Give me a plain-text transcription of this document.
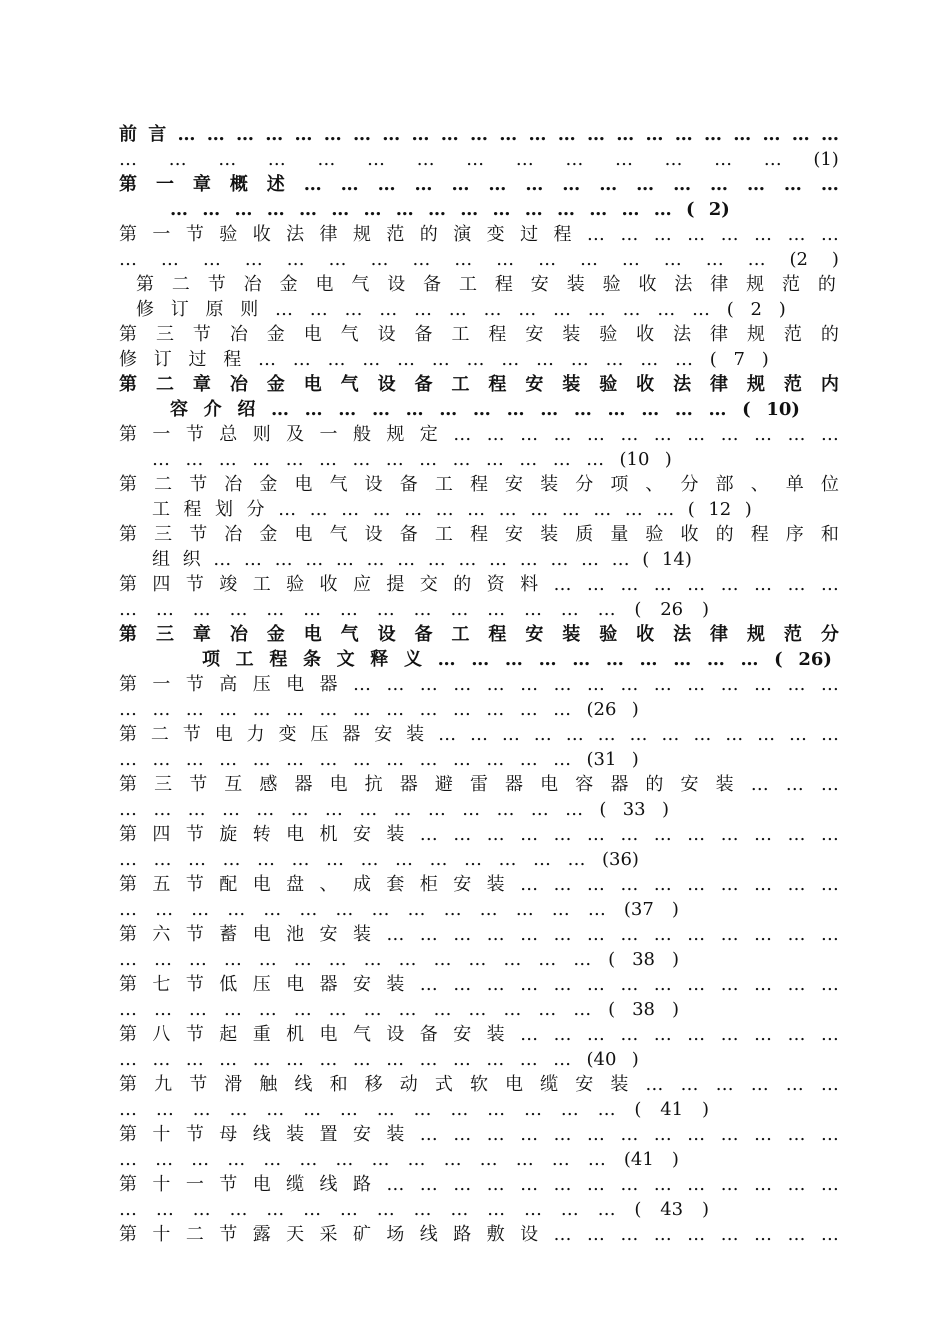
前 言 … … … … … … … … … … … … … … … … … … … … … … …
… … … … … … … … … … … … … … (1)
第 一 章 概 述 … … … … … … … … … … … … … … …
… … … … … … … … … … … … … … … … ( 2)
第 一 节 验 收 法 律 规 范 的 演 变 过 程 … … … … … … … …
… … … … … … … … … … … … … … … … (2 )
第 二 节 冶 金 电 气 设 备 工 程 安 装 验 收 法 律 规 范 的
修 订 原 则 … … … … … … … … … … … … … ( 2 )
第 三 节 冶 金 电 气 设 备 工 程 安 装 验 收 法 律 规 范 的
修 订 过 程 … … … … … … … … … … … … … ( 7 )
第 二 章 冶 金 电 气 设 备 工 程 安 装 验 收 法 律 规 范 内
容 介 绍 … … … … … … … … … … … … … … ( 10)
第 一 节 总 则 及 一 般 规 定 … … … … … … … … … … … …
… … … … … … … … … … … … … … (10 )
第 二 节 冶 金 电 气 设 备 工 程 安 装 分 项 、 分 部 、 单 位
工 程 划 分 … … … … … … … … … … … … … ( 12 )
第 三 节 冶 金 电 气 设 备 工 程 安 装 质 量 验 收 的 程 序 和
组 织 … … … … … … … … … … … … … … ( 14)
第 四 节 竣 工 验 收 应 提 交 的 资 料 … … … … … … … … …
… … … … … … … … … … … … … … ( 26 )
第 三 章 冶 金 电 气 设 备 工 程 安 装 验 收 法 律 规 范 分
项 工 程 条 文 释 义 … … … … … … … … … … ( 26)
第 一 节 高 压 电 器 … … … … … … … … … … … … … … …
… … … … … … … … … … … … … … (26 )
第 二 节 电 力 变 压 器 安 装 … … … … … … … … … … … … …
… … … … … … … … … … … … … … (31 )
第 三 节 互 感 器 电 抗 器 避 雷 器 电 容 器 的 安 装 … … …
… … … … … … … … … … … … … … ( 33 )
第 四 节 旋 转 电 机 安 装 … … … … … … … … … … … … …
… … … … … … … … … … … … … … (36)
第 五 节 配 电 盘 、 成 套 柜 安 装 … … … … … … … … … …
… … … … … … … … … … … … … … (37 )
第 六 节 蓄 电 池 安 装 … … … … … … … … … … … … … …
… … … … … … … … … … … … … … ( 38 )
第 七 节 低 压 电 器 安 装 … … … … … … … … … … … … …
… … … … … … … … … … … … … … ( 38 )
第 八 节 起 重 机 电 气 设 备 安 装 … … … … … … … … … …
… … … … … … … … … … … … … … (40 )
第 九 节 滑 触 线 和 移 动 式 软 电 缆 安 装 … … … … … …
… … … … … … … … … … … … … … ( 41 )
第 十 节 母 线 装 置 安 装 … … … … … … … … … … … … …
… … … … … … … … … … … … … … (41 )
第 十 一 节 电 缆 线 路 … … … … … … … … … … … … … …
… … … … … … … … … … … … … … ( 43 )
第 十 二 节 露 天 采 矿 场 线 路 敷 设 … … … … … … … … …
